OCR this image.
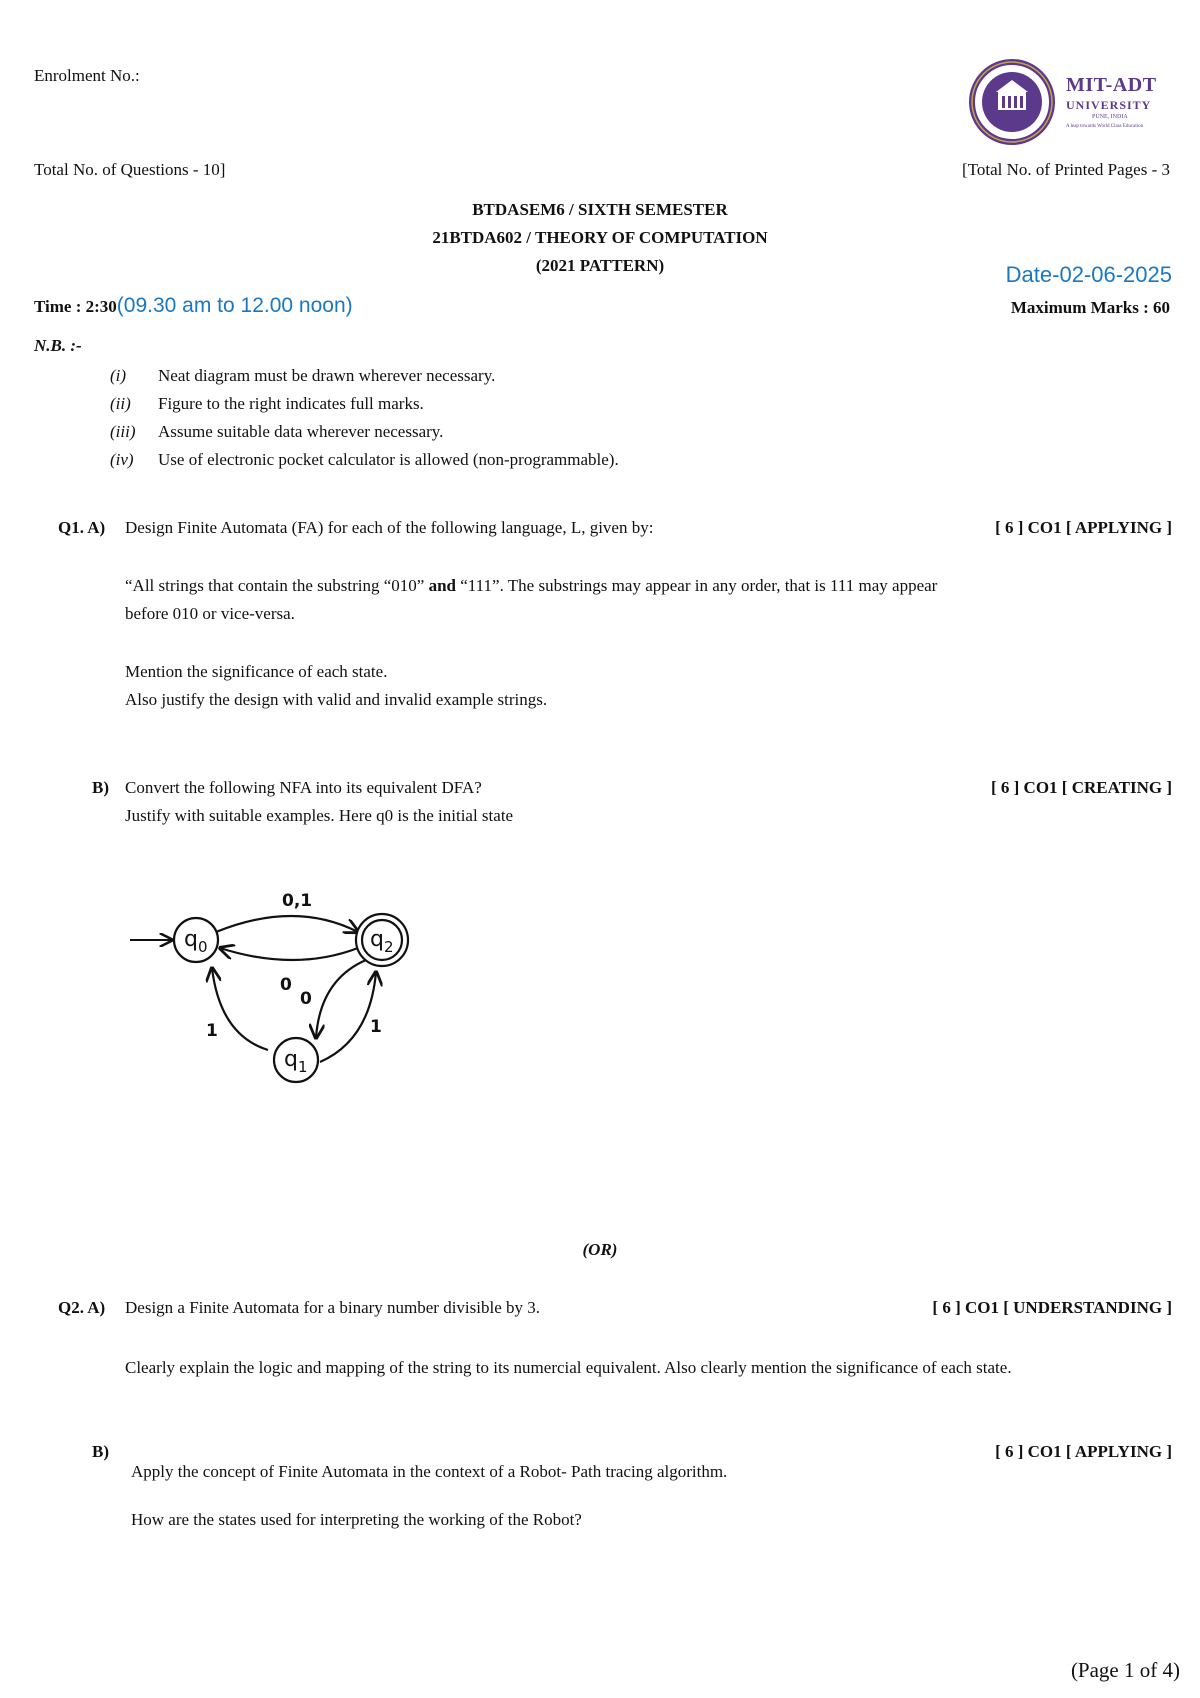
Enrolment No.:	MIT-ADT
UNIVERSITY
PUNE, INDIA
A leap towards World Class Education
Total No. of Questions - 10]	[Total No. of Printed Pages - 3
BTDASEM6 / SIXTH SEMESTER
21BTDA602 / THEORY OF COMPUTATION
(2021 PATTERN)	Date-02-06-2025
Time : 2:30(09.30 am to 12.00 noon)	Maximum Marks : 60
N.B. :-
(i) Neat diagram must be drawn wherever necessary.
(ii) Figure to the right indicates full marks.
(iii) Assume suitable data wherever necessary.
(iv) Use of electronic pocket calculator is allowed (non-programmable).
Q1. A) Design Finite Automata (FA) for each of the following language, L, given by:	[ 6 ] CO1 [ APPLYING ]
“All strings that contain the substring “010” and “111”. The substrings may appear in any order, that is 111 may appear
before 010 or vice-versa.
Mention the significance of each state.
Also justify the design with valid and invalid example strings.
B) Convert the following NFA into its equivalent DFA?	[ 6 ] CO1 [ CREATING ]
Justify with suitable examples. Here q0 is the initial state
$q_0$	$q_2$
$q_1$
0,1
0
0
1	1
(OR)
Q2. A) Design a Finite Automata for a binary number divisible by 3.	[ 6 ] CO1 [ UNDERSTANDING ]
Clearly explain the logic and mapping of the string to its numercial equivalent. Also clearly mention the significance of each state.
B)	[ 6 ] CO1 [ APPLYING ]
Apply the concept of Finite Automata in the context of a Robot- Path tracing algorithm.
How are the states used for interpreting the working of the Robot?
(Page 1 of 4)
